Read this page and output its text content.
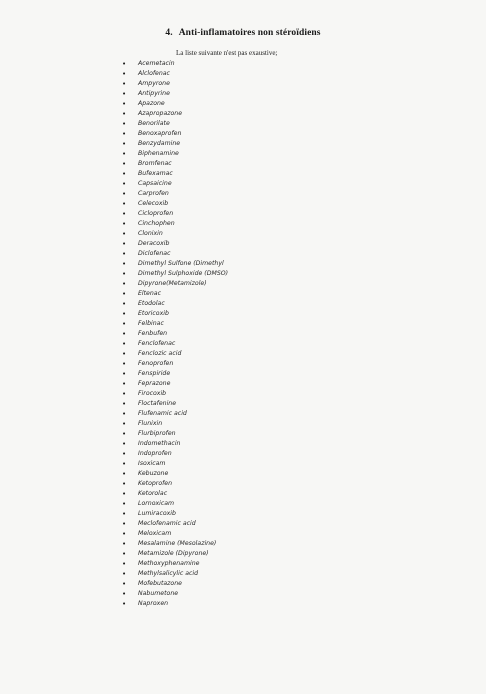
4. Anti-inflamatoires non stéroïdiens
La liste suivante n'est pas exaustive;
• Acemetacin
• Alclofenac
• Ampyrone
• Antipyrine
• Apazone
• Azapropazone
• Benorilate
• Benoxaprofen
• Benzydamine
• Biphenamine
• Bromfenac
• Bufexamac
• Capsaicine
• Carprofen
• Celecoxib
• Cicloprofen
• Cinchophen
• Clonixin
• Deracoxib
• Diclofenac
• Dimethyl Sulfone (Dimethyl
• Dimethyl Sulphoxide (DMSO)
• Dipyrone(Metamizole)
• Eltenac
• Etodolac
• Etoricoxib
• Felbinac
• Fenbufen
• Fenclofenac
• Fenclozic acid
• Fenoprofen
• Fenspiride
• Feprazone
• Firocoxib
• Floctafenine
• Flufenamic acid
• Flunixin
• Flurbiprofen
• Indomethacin
• Indoprofen
• Isoxicam
• Kebuzone
• Ketoprofen
• Ketorolac
• Lornoxicam
• Lumiracoxib
• Meclofenamic acid
• Meloxicam
• Mesalamine (Mesolazine)
• Metamizole (Dipyrone)
• Methoxyphenamine
• Methylsalicylic acid
• Mofebutazone
• Nabumetone
• Naproxen
